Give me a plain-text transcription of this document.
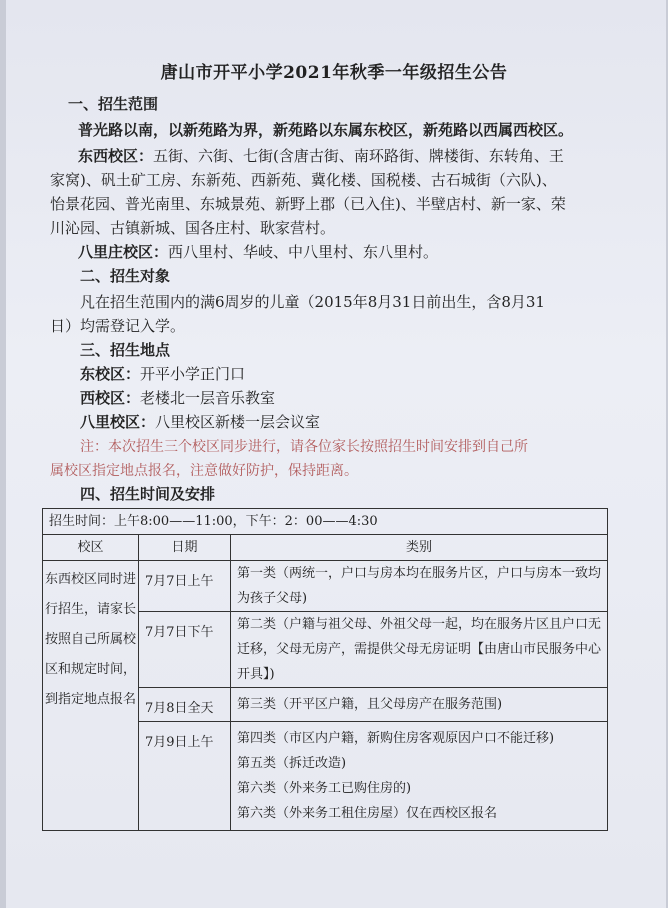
唐山市开平小学2021年秋季一年级招生公告
一、招生范围
普光路以南，以新苑路为界，新苑路以东属东校区，新苑路以西属西校区。
东西校区：五街、六街、七街(含唐古街、南环路街、牌楼街、东转角、王
家窝)、矾土矿工房、东新苑、西新苑、冀化楼、国税楼、古石城街（六队)、
怡景花园、普光南里、东城景苑、新野上郡（已入住)、半壁店村、新一家、荣
川沁园、古镇新城、国各庄村、耿家营村。
八里庄校区：西八里村、华岐、中八里村、东八里村。
二、招生对象
凡在招生范围内的满6周岁的儿童（2015年8月31日前出生，含8月31
日）均需登记入学。
三、招生地点
东校区：开平小学正门口
西校区：老楼北一层音乐教室
八里校区：八里校区新楼一层会议室
注：本次招生三个校区同步进行，请各位家长按照招生时间安排到自己所
属校区指定地点报名，注意做好防护，保持距离。
四、招生时间及安排
招生时间：上午8:00——11:00，下午：2：00——4:30		
校区	日期	类别
东西校区同时进行招生，请家长按照自己所属校区和规定时间，到指定地点报名	7月7日上午	第一类（两统一，户口与房本均在服务片区，户口与房本一致均为孩子父母)
	7月7日下午	第二类（户籍与祖父母、外祖父母一起，均在服务片区且户口无迁移，父母无房产，需提供父母无房证明【由唐山市民服务中心开具】)
	7月8日全天	第三类（开平区户籍，且父母房产在服务范围)
	7月9日上午	第四类（市区内户籍，新购住房客观原因户口不能迁移)
第五类（拆迁改造)
第六类（外来务工已购住房的)
第六类（外来务工租住房屋）仅在西校区报名
